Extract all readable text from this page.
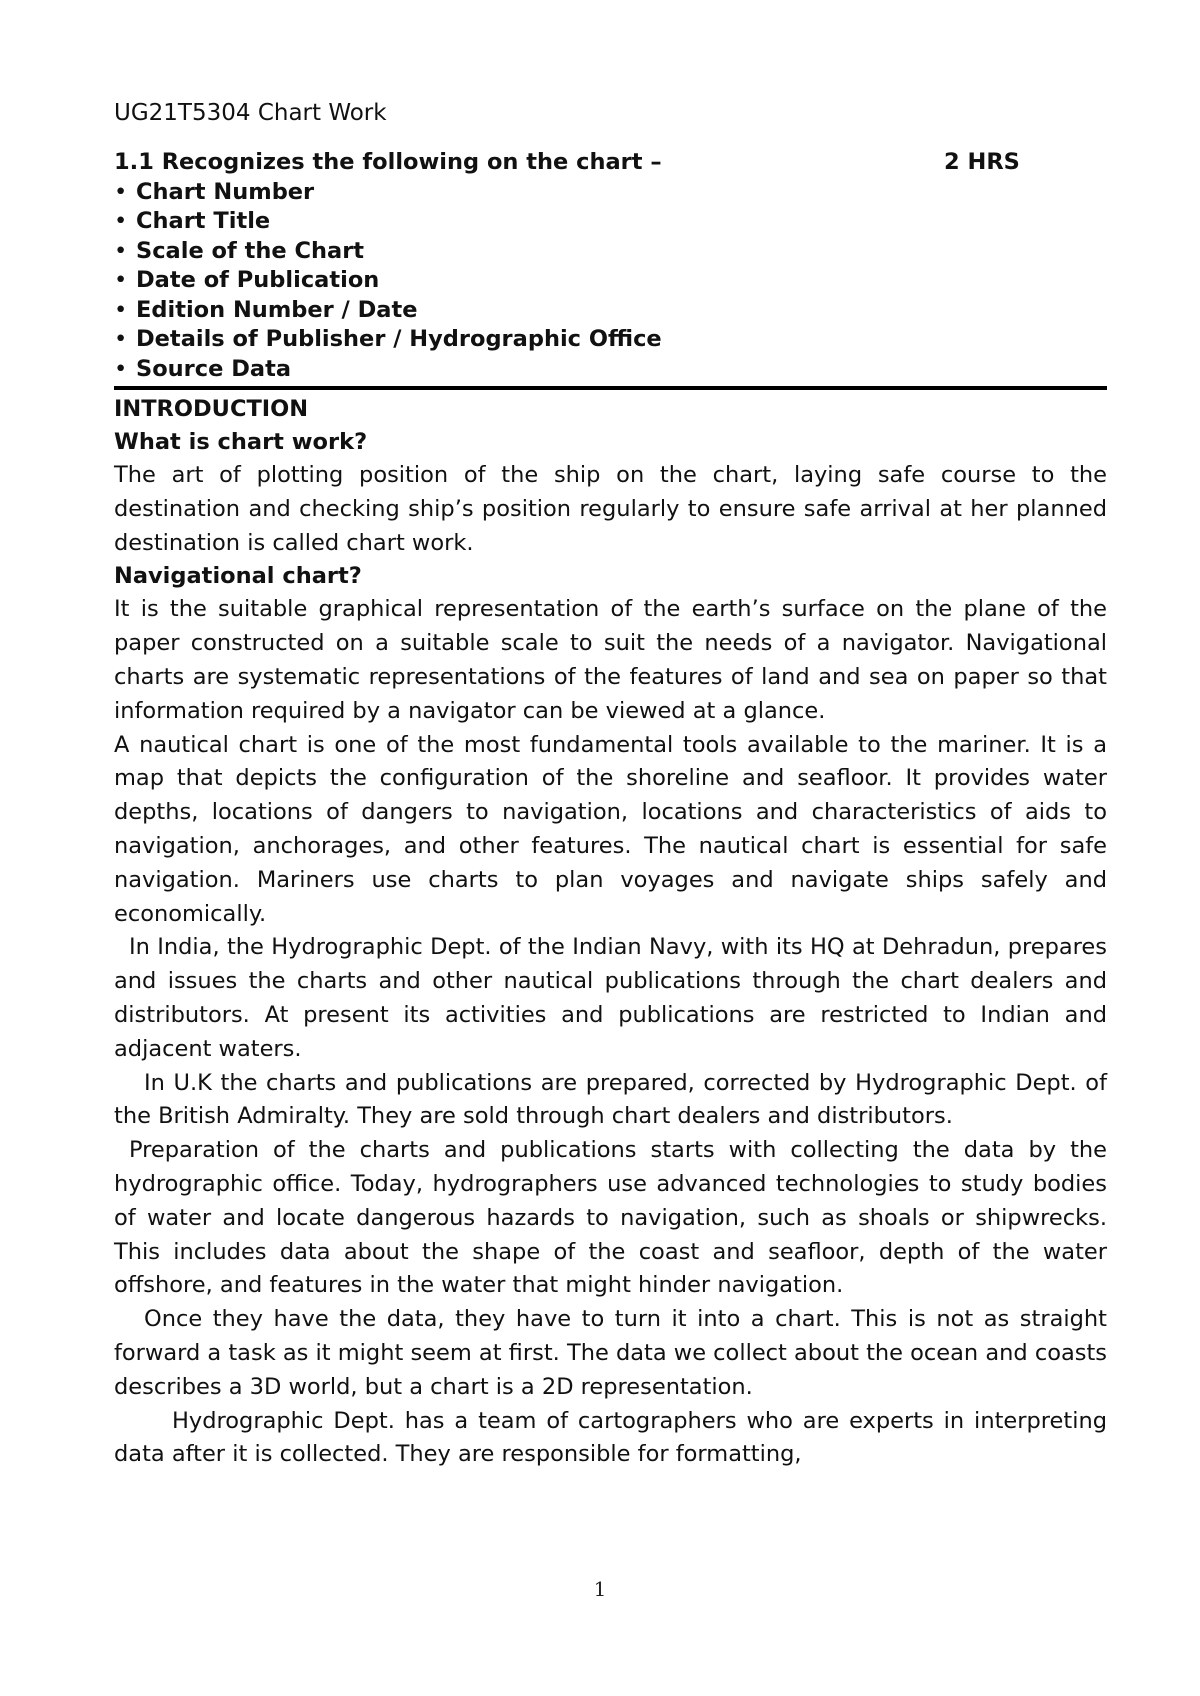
UG21T5304 Chart Work
1.1 Recognizes the following on the chart –	2 HRS
• Chart Number
• Chart Title
• Scale of the Chart
• Date of Publication
• Edition Number / Date
• Details of Publisher / Hydrographic Office
• Source Data
INTRODUCTION
What is chart work?

The art of plotting position of the ship on the chart, laying safe course to the destination and checking ship’s position regularly to ensure safe arrival at her planned destination is called chart work.

Navigational chart?

It is the suitable graphical representation of the earth’s surface on the plane of the paper constructed on a suitable scale to suit the needs of a navigator. Navigational charts are systematic representations of the features of land and sea on paper so that information required by a navigator can be viewed at a glance.

A nautical chart is one of the most fundamental tools available to the mariner. It is a map that depicts the configuration of the shoreline and seafloor. It provides water depths, locations of dangers to navigation, locations and characteristics of aids to navigation, anchorages, and other features. The nautical chart is essential for safe navigation. Mariners use charts to plan voyages and navigate ships safely and economically.

In India, the Hydrographic Dept. of the Indian Navy, with its HQ at Dehradun, prepares and issues the charts and other nautical publications through the chart dealers and distributors. At present its activities and publications are restricted to Indian and adjacent waters.

In U.K the charts and publications are prepared, corrected by Hydrographic Dept. of the British Admiralty. They are sold through chart dealers and distributors.

Preparation of the charts and publications starts with collecting the data by the hydrographic office. Today, hydrographers use advanced technologies to study bodies of water and locate dangerous hazards to navigation, such as shoals or shipwrecks. This includes data about the shape of the coast and seafloor, depth of the water offshore, and features in the water that might hinder navigation.

Once they have the data, they have to turn it into a chart. This is not as straight forward a task as it might seem at first. The data we collect about the ocean and coasts describes a 3D world, but a chart is a 2D representation.

Hydrographic Dept. has a team of cartographers who are experts in interpreting data after it is collected. They are responsible for formatting,

1
